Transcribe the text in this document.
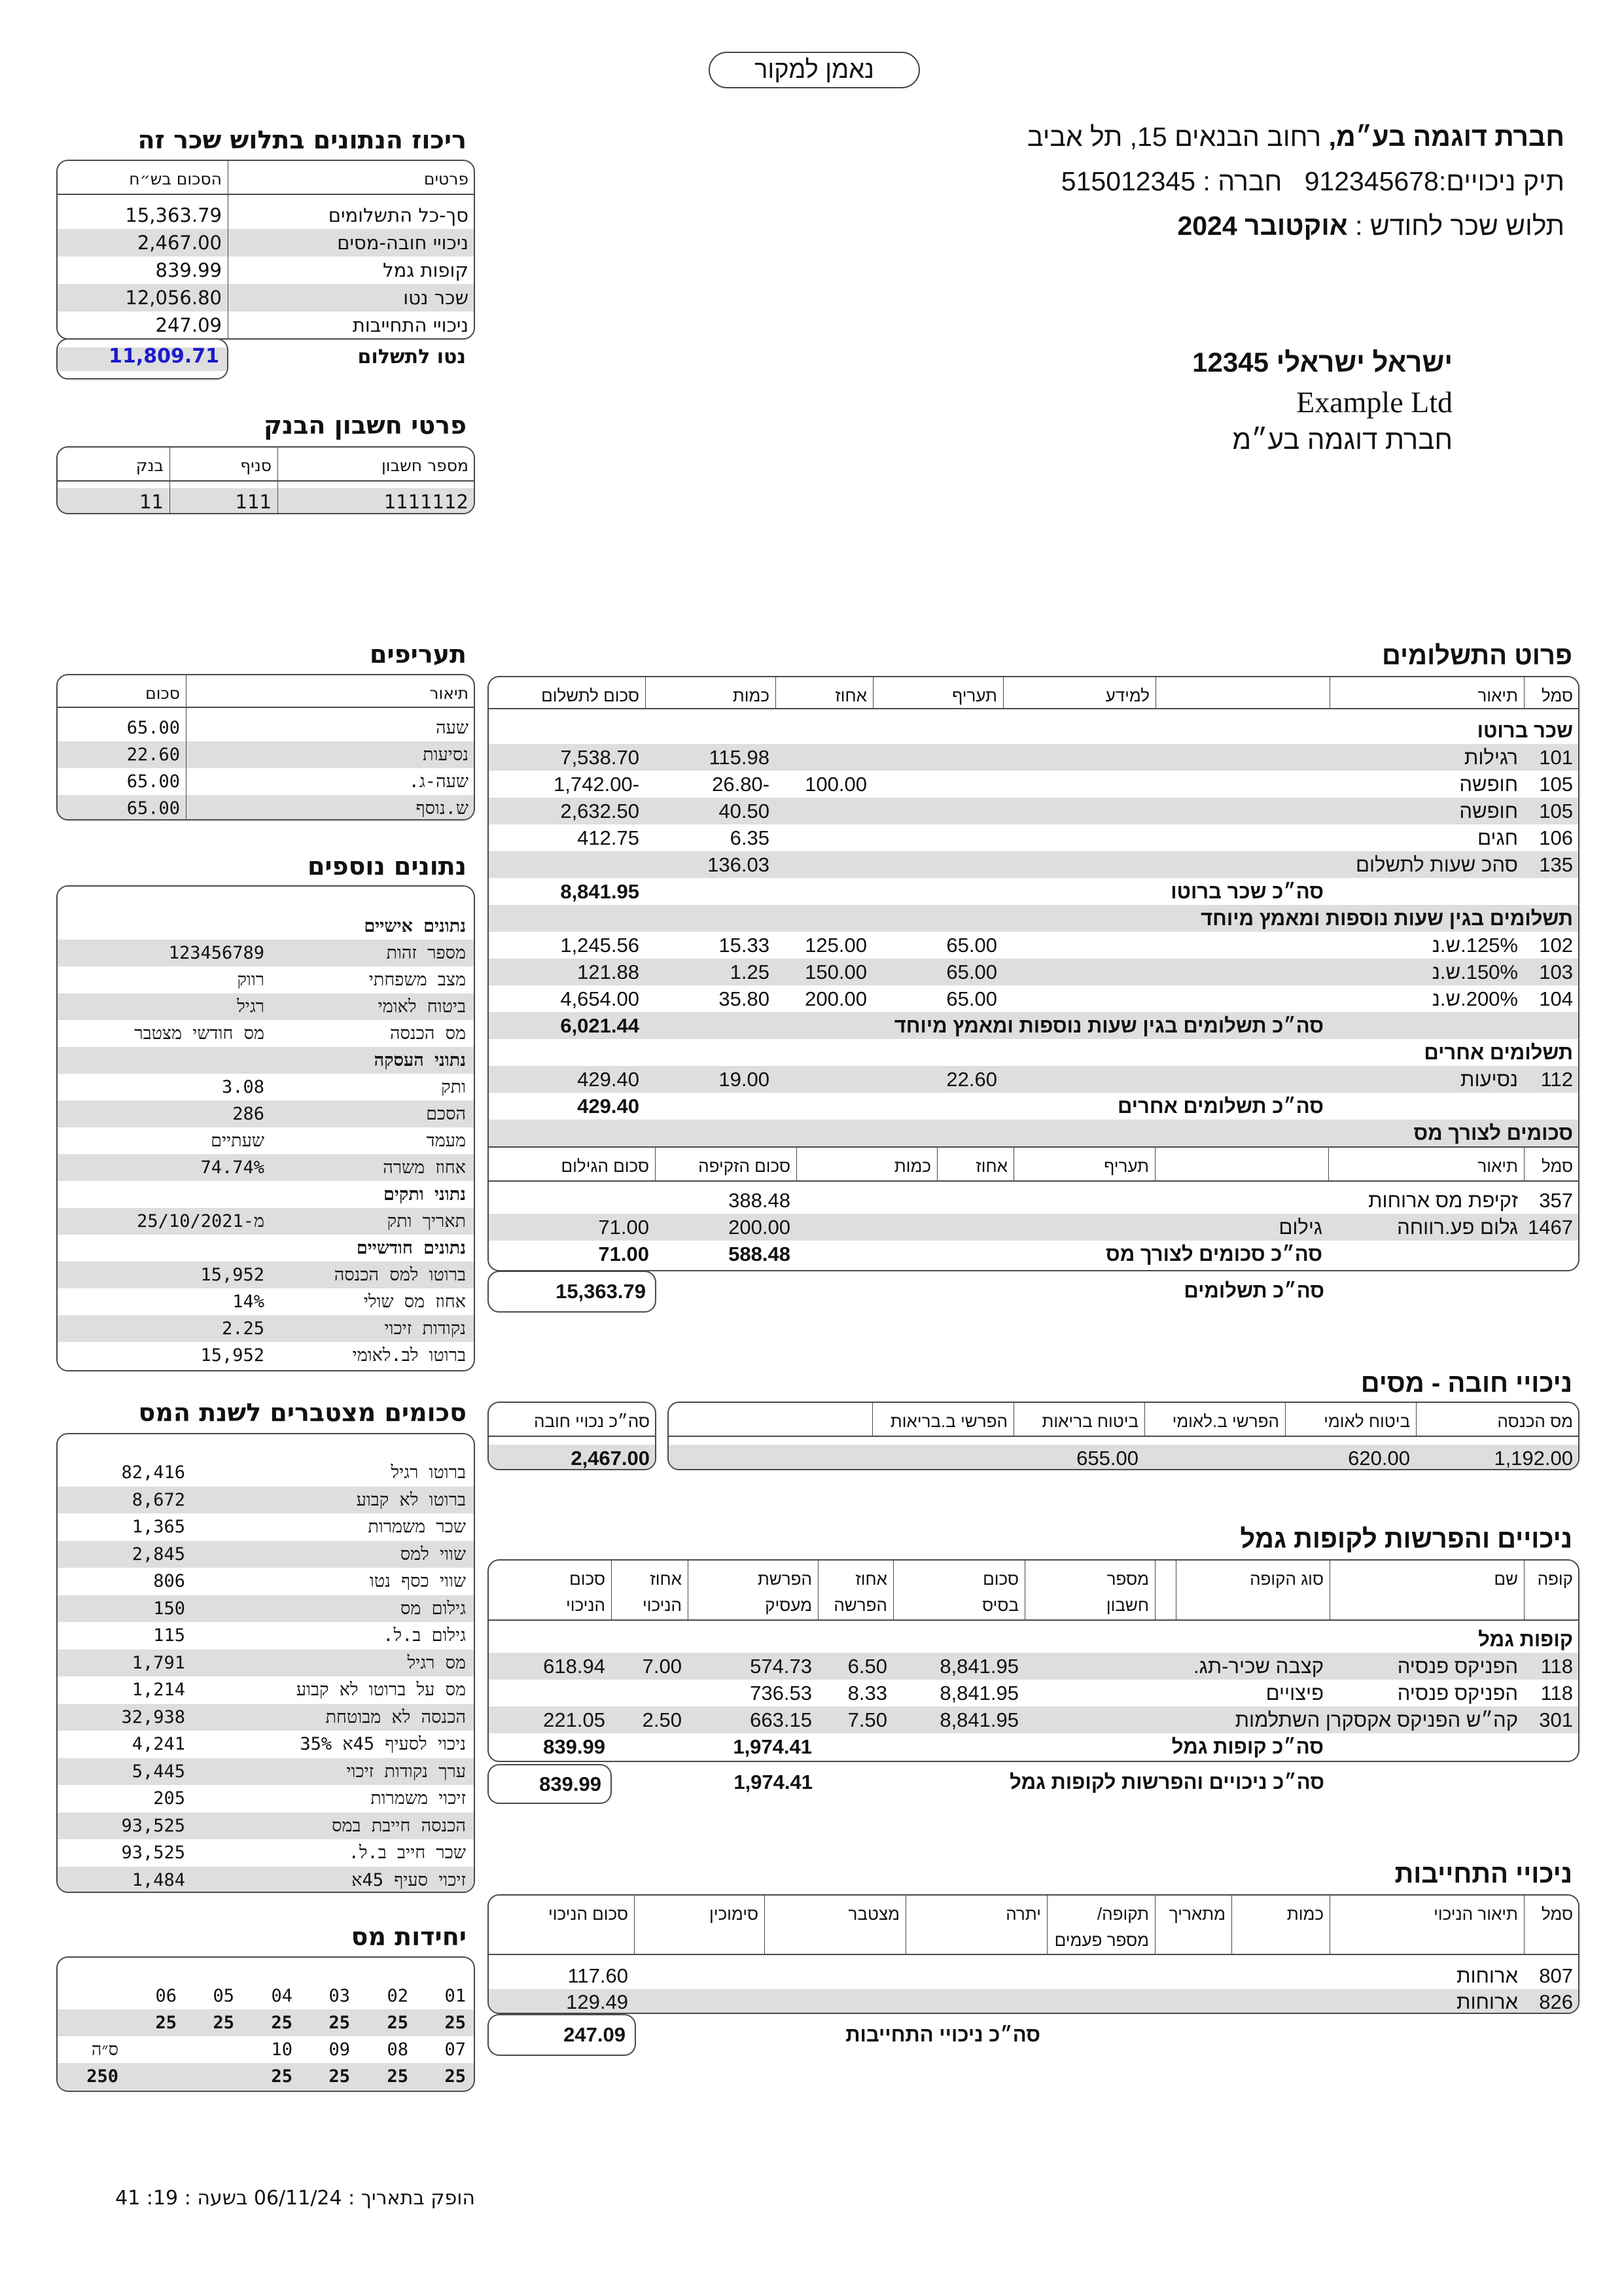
נאמן למקור
חברת דוגמה בע״מ, רחוב הבנאים 15, תל אביב
תיק ניכויים:912345678   חברה : 515012345
תלוש שכר לחודש : אוקטובר 2024
ישראל ישראלי 12345
Example Ltd
חברת דוגמה בע״מ
ריכוז הנתונים בתלוש שכר זה
פרטים
הסכום בש״ח
סך-כל התשלומים
15,363.79
ניכויי חובה-מסים
2,467.00
קופות גמל
839.99
שכר נטו
12,056.80
ניכויי התחייבות
247.09
נטו לתשלום
11,809.71
פרטי חשבון הבנק
מספר חשבון
סניף
בנק
1111112
111
11
תעריפים
תיאור
סכום
שעה
65.00
נסיעות
22.60
שעה-ג.
65.00
ש.נוסף
65.00
נתונים נוספים
נתונים אישיים
מספר זהות
123456789
מצב משפחתי
רווק
ביטוח לאומי
רגיל
מס הכנסה
מס חודשי מצטבר
נתוני העסקה
ותק
3.08
הסכם
286
מעמד
שעתיים
אחוז משרה
74.74%
נתוני ותקים
תאריך ותק
מ-25/10/2021
נתונים חודשיים
ברוטו למס הכנסה
15,952
אחוז מס שולי
14%
נקודות זיכוי
2.25
ברוטו לב.לאומי
15,952
סכומים מצטברים לשנת המס
ברוטו רגיל
82,416
ברוטו לא קבוע
8,672
שכר משמרות
1,365
שווי למס
2,845
שווי כסף נטו
806
גילום מס
150
גילום ב.ל.
115
מס רגיל
1,791
מס על ברוטו לא קבוע
1,214
הכנסה לא מבוטחת
32,938
ניכוי לסעיף 45א 35%
4,241
ערך נקודות זיכוי
5,445
זיכוי משמרות
205
הכנסה חייבת במס
93,525
שכר חייב ב.ל.
93,525
זיכוי סעיף 45א
1,484
יחידות מס
01
02
03
04
05
06
25
25
25
25
25
25
07
08
09
10
ס״ה
25
25
25
25
250
פרוט התשלומים
סמל
תיאור
למידע
תעריף
אחוז
כמות
סכום לתשלום
שכר ברוטו
101
רגילות
115.98
7,538.70
105
חופשה
100.00
-26.80
-1,742.00
105
חופשה
40.50
2,632.50
106
חגים
6.35
412.75
135
סהכ שעות לתשלום
136.03
סה״כ שכר ברוטו
8,841.95
תשלומים בגין שעות נוספות ומאמץ מיוחד
102
125%.ש.נ
65.00
125.00
15.33
1,245.56
103
150%.ש.נ
65.00
150.00
1.25
121.88
104
200%.ש.נ
65.00
200.00
35.80
4,654.00
סה״כ תשלומים בגין שעות נוספות ומאמץ מיוחד
6,021.44
תשלומים אחרים
112
נסיעות
22.60
19.00
429.40
סה״כ תשלומים אחרים
429.40
סכומים לצורך מס
סמל
תיאור
תעריף
אחוז
כמות
סכום הזקיפה
סכום הגילום
357
זקיפת מס ארוחות
388.48
1467
גלום פע.רווחה
גילום
200.00
71.00
סה״כ סכומים לצורך מס
588.48
71.00
סה״כ תשלומים
15,363.79
ניכויי חובה - מסים
מס הכנסה
ביטוח לאומי
הפרשי ב.לאומי
ביטוח בריאות
הפרשי ב.בריאות
1,192.00
620.00
655.00
סה״כ נכויי חובה
2,467.00
ניכויים והפרשות לקופות גמל
קופה
שם
סוג הקופה
מספר
חשבון
סכום
בסיס
אחוז
הפרשה
הפרשת
מעסיק
אחוז
הניכוי
סכום
הניכוי
קופות גמל
118
הפניקס פנסיה
קצבה שכיר-תג.
8,841.95
6.50
574.73
7.00
618.94
118
הפניקס פנסיה
פיצויים
8,841.95
8.33
736.53
301
קה״ש הפניקס אקסקרן השתלמות
8,841.95
7.50
663.15
2.50
221.05
סה״כ קופות גמל
1,974.41
839.99
סה״כ ניכויים והפרשות לקופות גמל
1,974.41
839.99
ניכויי התחייבות
סמל
תיאור הניכוי
כמות
מתאריך
תקופה/
מספר פעמים
יתרה
מצטבר
סימוכין
סכום הניכוי
807
ארוחות
117.60
826
ארוחות
129.49
סה״כ ניכויי התחייבות
247.09
הופק בתאריך : 06/11/24 בשעה : 19: 41
